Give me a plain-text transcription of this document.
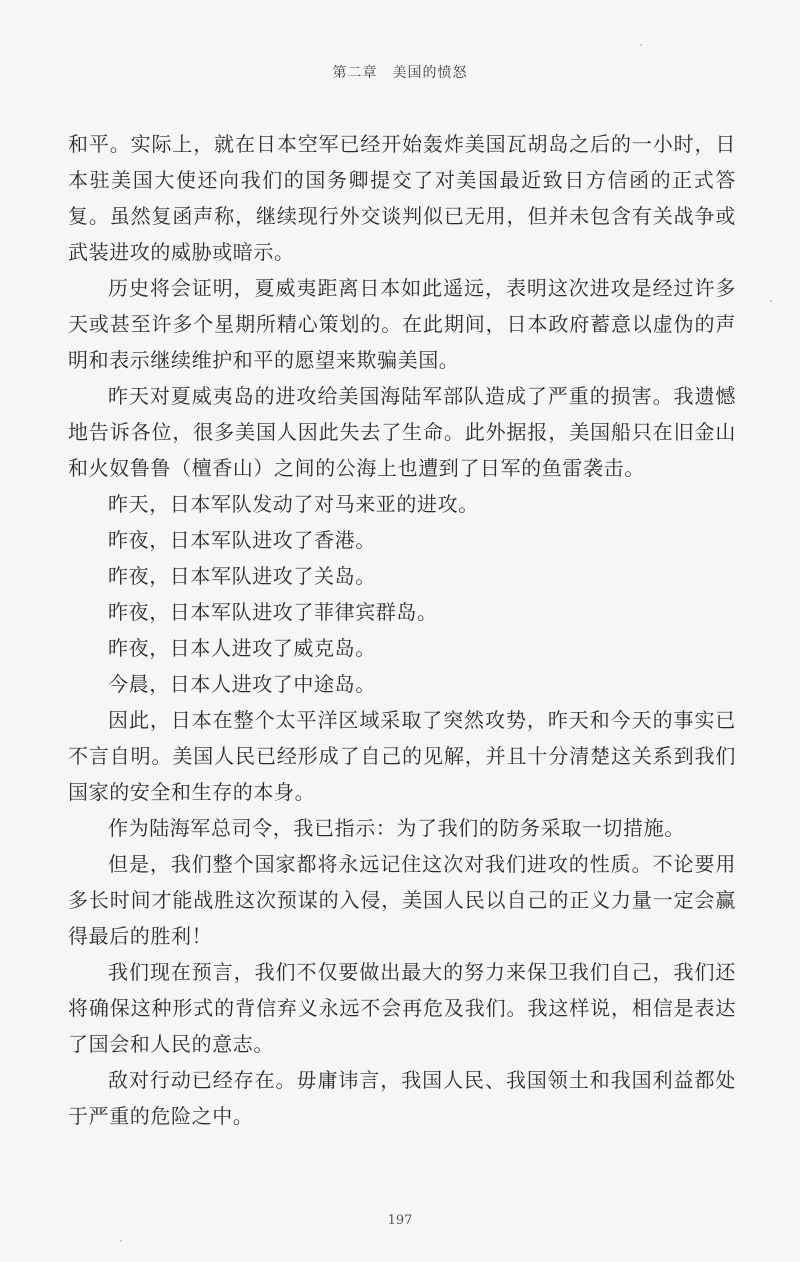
第二章　美国的愤怒

和平。实际上，就在日本空军已经开始轰炸美国瓦胡岛之后的一小时，日本驻美国大使还向我们的国务卿提交了对美国最近致日方信函的正式答复。虽然复函声称，继续现行外交谈判似已无用，但并未包含有关战争或武装进攻的威胁或暗示。

历史将会证明，夏威夷距离日本如此遥远，表明这次进攻是经过许多天或甚至许多个星期所精心策划的。在此期间，日本政府蓄意以虚伪的声明和表示继续维护和平的愿望来欺骗美国。

昨天对夏威夷岛的进攻给美国海陆军部队造成了严重的损害。我遗憾地告诉各位，很多美国人因此失去了生命。此外据报，美国船只在旧金山和火奴鲁鲁（檀香山）之间的公海上也遭到了日军的鱼雷袭击。

昨天，日本军队发动了对马来亚的进攻。

昨夜，日本军队进攻了香港。

昨夜，日本军队进攻了关岛。

昨夜，日本军队进攻了菲律宾群岛。

昨夜，日本人进攻了威克岛。

今晨，日本人进攻了中途岛。

因此，日本在整个太平洋区域采取了突然攻势，昨天和今天的事实已不言自明。美国人民已经形成了自己的见解，并且十分清楚这关系到我们国家的安全和生存的本身。

作为陆海军总司令，我已指示：为了我们的防务采取一切措施。

但是，我们整个国家都将永远记住这次对我们进攻的性质。不论要用多长时间才能战胜这次预谋的入侵，美国人民以自己的正义力量一定会赢得最后的胜利！

我们现在预言，我们不仅要做出最大的努力来保卫我们自己，我们还将确保这种形式的背信弃义永远不会再危及我们。我这样说，相信是表达了国会和人民的意志。

敌对行动已经存在。毋庸讳言，我国人民、我国领土和我国利益都处于严重的危险之中。

197
